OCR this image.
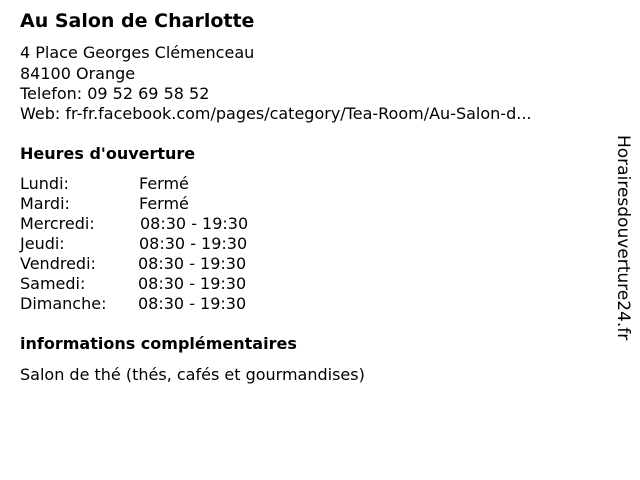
Au Salon de Charlotte
4 Place Georges Clémenceau
84100 Orange
Telefon: 09 52 69 58 52
Web: fr-fr.facebook.com/pages/category/Tea-Room/Au-Salon-d...
Heures d'ouverture
Lundi:	Fermé
Mardi:	Fermé
Mercredi:	08:30 - 19:30
Jeudi:	08:30 - 19:30
Vendredi:	08:30 - 19:30
Samedi:	08:30 - 19:30
Dimanche: 08:30 - 19:30
informations complémentaires
Salon de thé (thés, cafés et gourmandises)
Horairesdouverture24.fr
